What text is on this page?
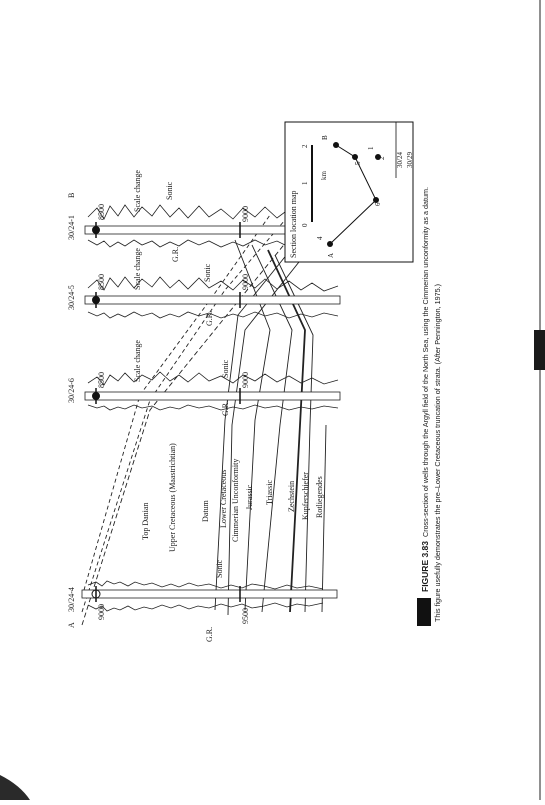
A
B
30/24-4
30/24-6
30/24-5
30/24-1
9000	9500
8500	9000
8500	9000
8500	9000
G.R.
Sonic
G.R.
Sonic
G.R.
Sonic
G.R.
Sonic
Scale change
Scale change
Scale change
Top Danian Upper Cretaceous (Maastrichtian)	Datum Lower Cretaceous Cimmerian Unconformity Jurassic Triassic Zechstein Kupferschiefer Rotliegendes
Section location map 0
1
2
km
A
B
1
2
4
5
6
30/24 30/29
FIGURE 3.83
Cross-section of wells through the Argyll field of the North Sea, using the Cimmerian unconformity as a datum. This figure usefully demonstrates the pre–Lower Cretaceous truncation of strata. (After Pennington, 1975.)
